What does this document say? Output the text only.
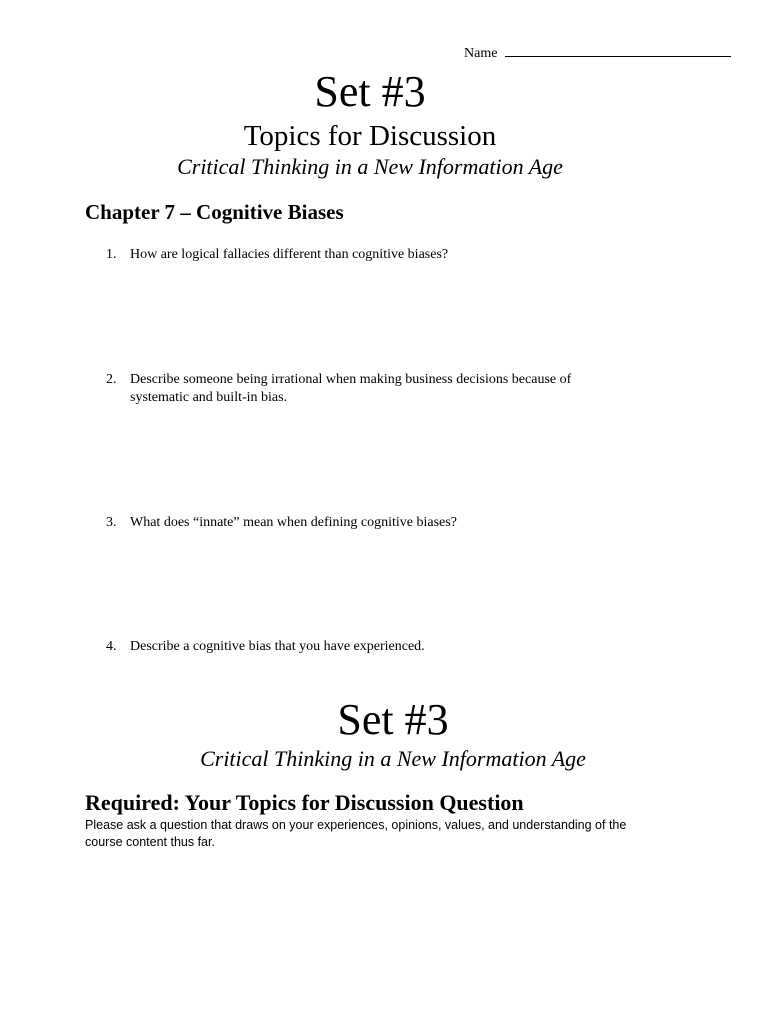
Name
Set #3
Topics for Discussion
Critical Thinking in a New Information Age
Chapter 7 – Cognitive Biases
1. How are logical fallacies different than cognitive biases?
2. Describe someone being irrational when making business decisions because of systematic and built-in bias.
3. What does “innate” mean when defining cognitive biases?
4. Describe a cognitive bias that you have experienced.
Set #3
Critical Thinking in a New Information Age
Required: Your Topics for Discussion Question
Please ask a question that draws on your experiences, opinions, values, and understanding of the course content thus far.
